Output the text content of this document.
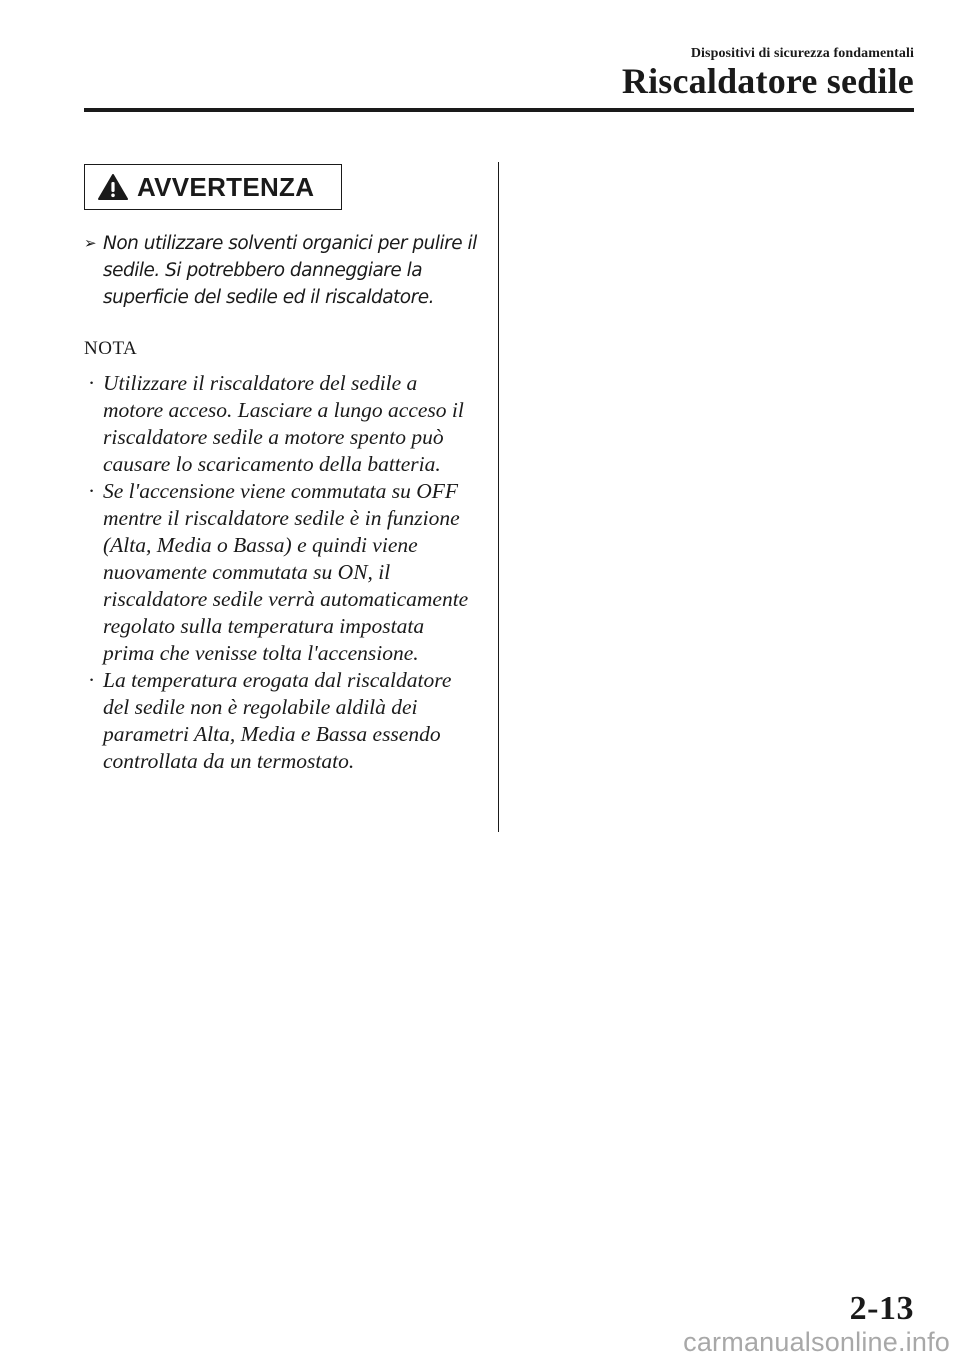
Dispositivi di sicurezza fondamentali
Riscaldatore sedile
AVVERTENZA
➢ Non utilizzare solventi organici per pulire il sedile. Si potrebbero danneggiare la superficie del sedile ed il riscaldatore.
NOTA
· Utilizzare il riscaldatore del sedile a motore acceso. Lasciare a lungo acceso il riscaldatore sedile a motore spento può causare lo scaricamento della batteria.
· Se l'accensione viene commutata su OFF mentre il riscaldatore sedile è in funzione (Alta, Media o Bassa) e quindi viene nuovamente commutata su ON, il riscaldatore sedile verrà automaticamente regolato sulla temperatura impostata prima che venisse tolta l'accensione.
· La temperatura erogata dal riscaldatore del sedile non è regolabile aldilà dei parametri Alta, Media e Bassa essendo controllata da un termostato.
2-13
carmanualsonline.info
